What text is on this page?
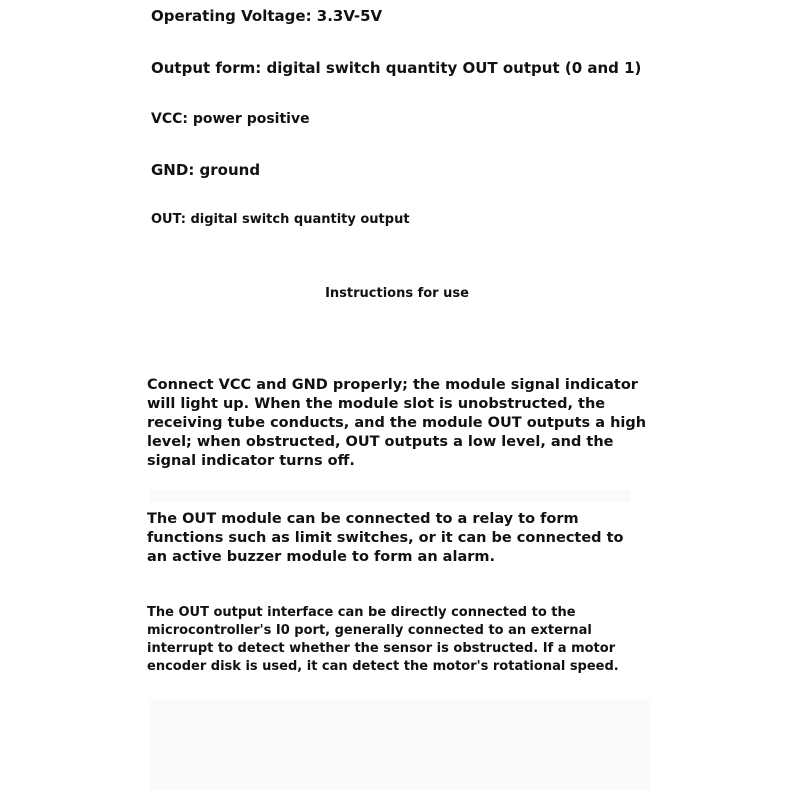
Operating Voltage: 3.3V-5V

Output form: digital switch quantity OUT output (0 and 1)

VCC: power positive

GND: ground

OUT: digital switch quantity output

Instructions for use

Connect VCC and GND properly; the module signal indicator will light up. When the module slot is unobstructed, the receiving tube conducts, and the module OUT outputs a high level; when obstructed, OUT outputs a low level, and the signal indicator turns off.

The OUT module can be connected to a relay to form functions such as limit switches, or it can be connected to an active buzzer module to form an alarm.

The OUT output interface can be directly connected to the microcontroller's I0 port, generally connected to an external interrupt to detect whether the sensor is obstructed. If a motor encoder disk is used, it can detect the motor's rotational speed.
